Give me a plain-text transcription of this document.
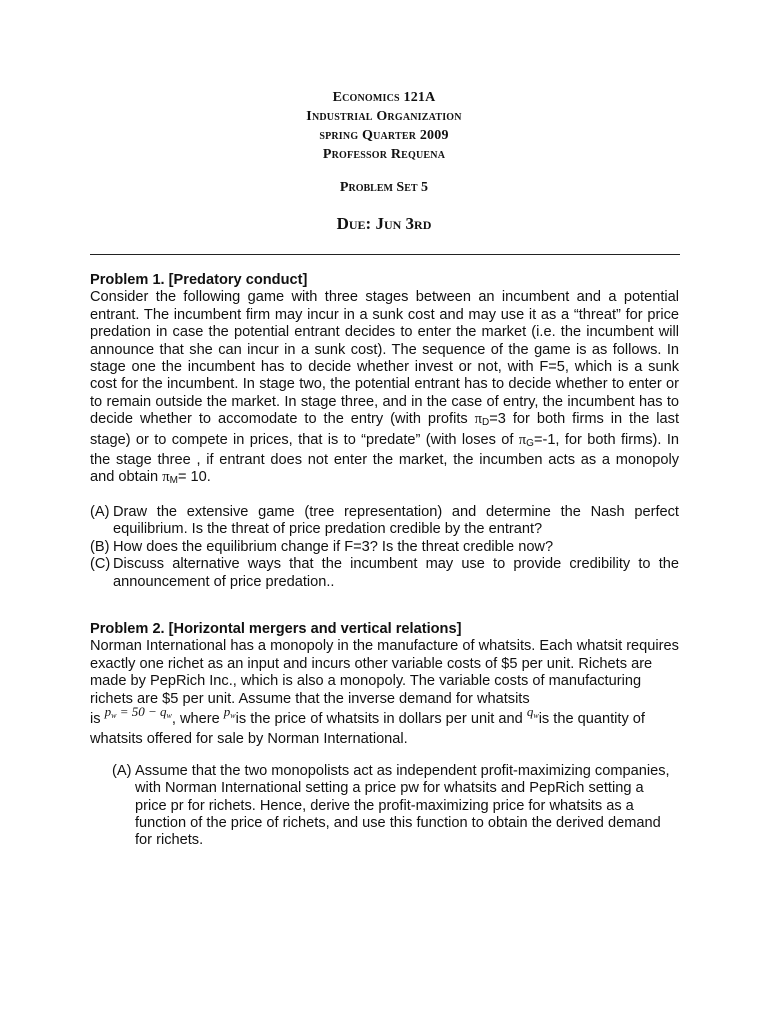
Economics 121A
Industrial Organization
spring Quarter 2009
Professor Requena
Problem Set 5
Due: Jun 3rd
Problem 1. [Predatory conduct]
Consider the following game with three stages between an incumbent and a potential entrant. The incumbent firm may incur in a sunk cost and may use it as a “threat” for price predation in case the potential entrant decides to enter the market (i.e. the incumbent will announce that she can incur in a sunk cost). The sequence of the game is as follows. In stage one the incumbent has to decide whether invest or not, with F=5, which is a sunk cost for the incumbent. In stage two, the potential entrant has to decide whether to enter or to remain outside the market. In stage three, and in the case of entry, the incumbent has to decide whether to accomodate to the entry (with profits $\pi_D=3$ for both firms in the last stage) or to compete in prices, that is to “predate” (with loses of $\pi_G=-1$, for both firms). In the stage three , if entrant does not enter the market, the incumben acts as a monopoly and obtain $\pi_M= 10$.
(A) Draw the extensive game (tree representation) and determine the Nash perfect equilibrium. Is the threat of price predation credible by the entrant?
(B) How does the equilibrium change if F=3? Is the threat credible now?
(C) Discuss alternative ways that the incumbent may use to provide credibility to the announcement of price predation..
Problem 2. [Horizontal mergers and vertical relations]
Norman International has a monopoly in the manufacture of whatsits. Each whatsit requires exactly one richet as an input and incurs other variable costs of $5 per unit. Richets are made by PepRich Inc., which is also a monopoly. The variable costs of manufacturing richets are $5 per unit. Assume that the inverse demand for whatsits
is pw = 50 − qw, where pwis the price of whatsits in dollars per unit and qwis the quantity of whatsits offered for sale by Norman International.
(A) Assume that the two monopolists act as independent profit-maximizing companies, with Norman International setting a price pw for whatsits and PepRich setting a price pr for richets. Hence, derive the profit-maximizing price for whatsits as a function of the price of richets, and use this function to obtain the derived demand for richets.
